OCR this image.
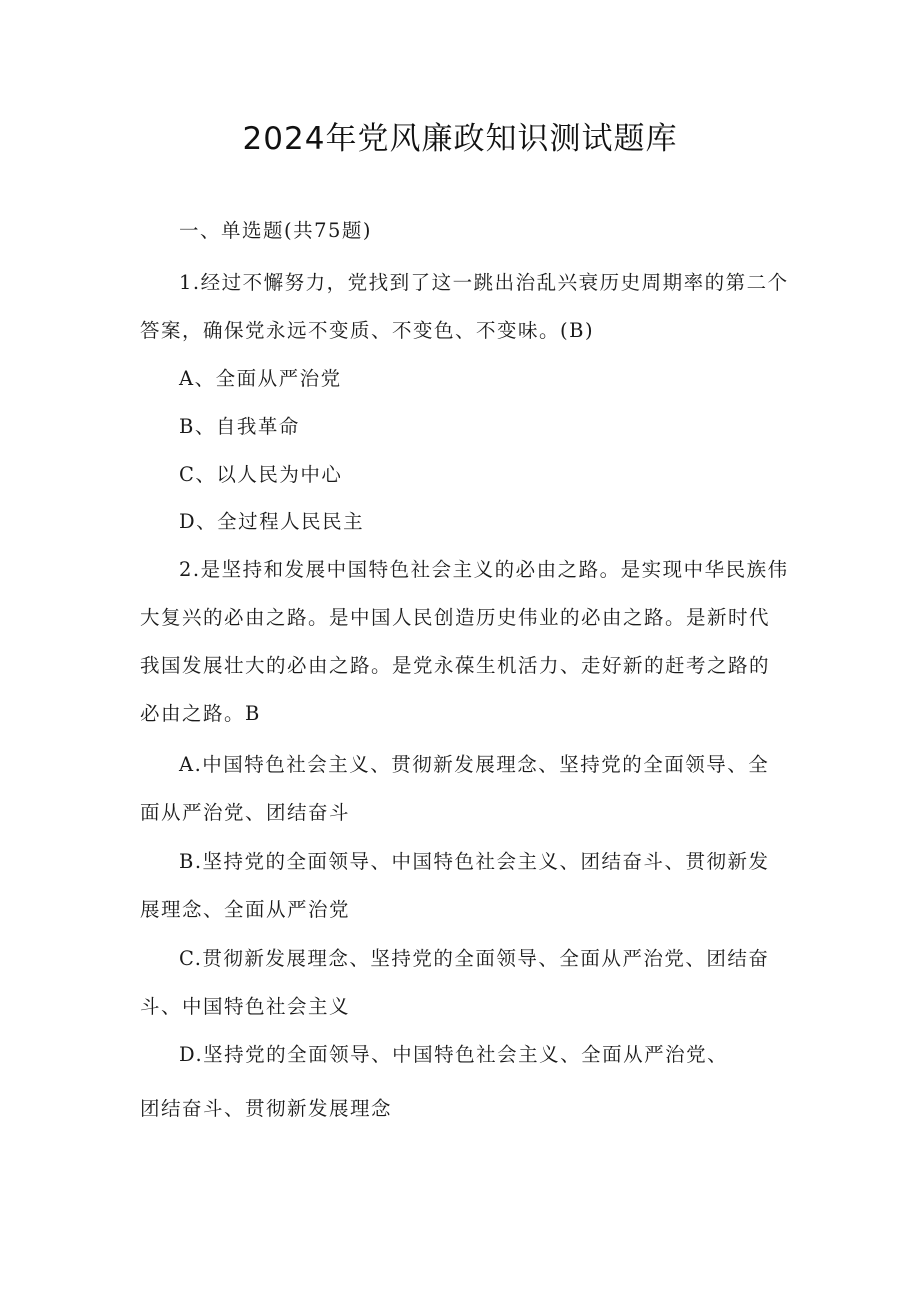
2024年党风廉政知识测试题库

一、单选题(共75题)

1.经过不懈努力，党找到了这一跳出治乱兴衰历史周期率的第二个答案，确保党永远不变质、不变色、不变味。(B)

A、全面从严治党

B、自我革命

C、以人民为中心

D、全过程人民民主

2.是坚持和发展中国特色社会主义的必由之路。是实现中华民族伟大复兴的必由之路。是中国人民创造历史伟业的必由之路。是新时代我国发展壮大的必由之路。是党永葆生机活力、走好新的赶考之路的必由之路。B

A.中国特色社会主义、贯彻新发展理念、坚持党的全面领导、全面从严治党、团结奋斗

B.坚持党的全面领导、中国特色社会主义、团结奋斗、贯彻新发展理念、全面从严治党

C.贯彻新发展理念、坚持党的全面领导、全面从严治党、团结奋斗、中国特色社会主义

D.坚持党的全面领导、中国特色社会主义、全面从严治党、

团结奋斗、贯彻新发展理念
